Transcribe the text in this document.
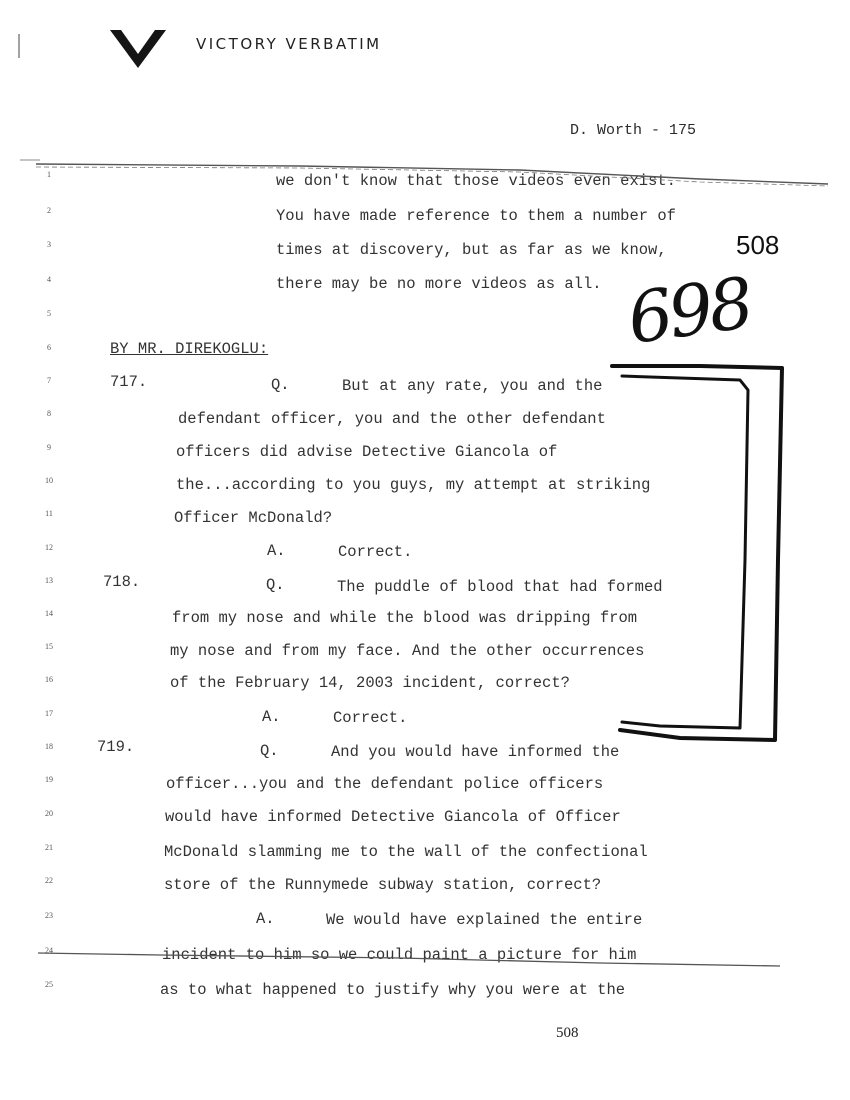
VICTORY VERBATIM
D. Worth - 175
508
1	we don't know that those videos even exist.
2	You have made reference to them a number of
3	times at discovery, but as far as we know,
4	there may be no more videos as all.
5
6	BY MR. DIREKOGLU:
7	717.	Q.	But at any rate, you and the
8	defendant officer, you and the other defendant
9	officers did advise Detective Giancola of
10	the...according to you guys, my attempt at striking
11	Officer McDonald?
12	A.	Correct.
13	718.	Q.	The puddle of blood that had formed
14	from my nose and while the blood was dripping from
15	my nose and from my face. And the other occurrences
16	of the February 14, 2003 incident, correct?
17	A.	Correct.
18	719.	Q.	And you would have informed the
19	officer...you and the defendant police officers
20	would have informed Detective Giancola of Officer
21	McDonald slamming me to the wall of the confectional
22	store of the Runnymede subway station, correct?
23	A.	We would have explained the entire
24	incident to him so we could paint a picture for him
25	as to what happened to justify why you were at the
508
698
